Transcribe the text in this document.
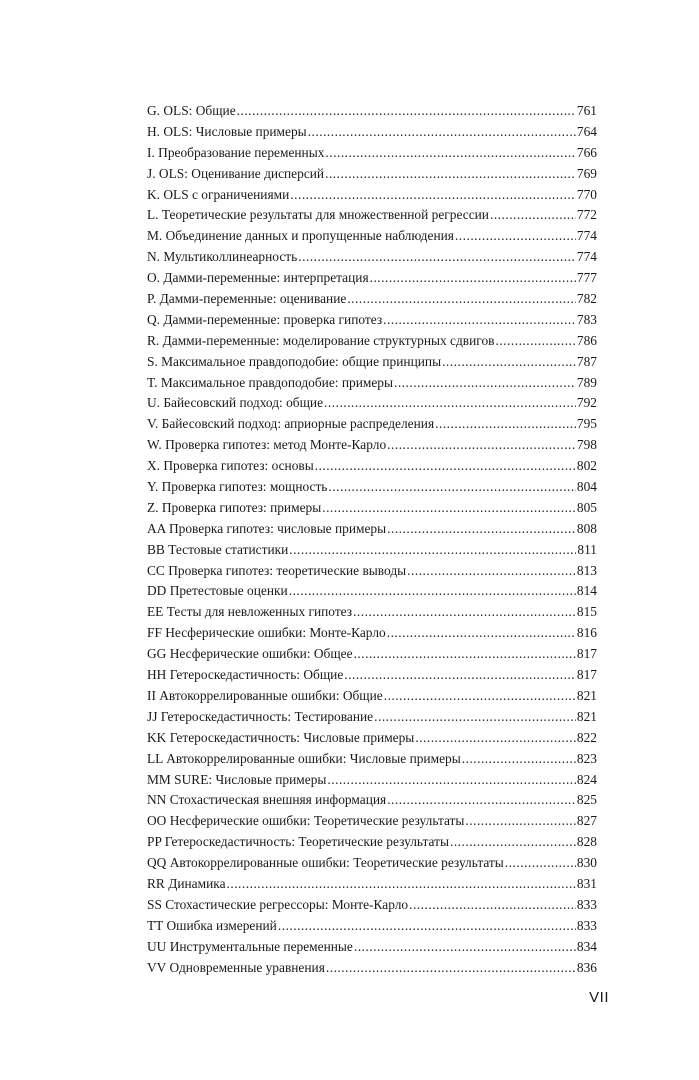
G. OLS: Общие .....	761
H. OLS: Числовые примеры .....	764
I. Преобразование переменных .....	766
J. OLS: Оценивание дисперсий .....	769
K. OLS с ограничениями .....	770
L. Теоретические результаты для множественной регрессии .....	772
M. Объединение данных и пропущенные наблюдения .....	774
N. Мультиколлинеарность .....	774
O. Дамми-переменные: интерпретация .....	777
P. Дамми-переменные: оценивание .....	782
Q. Дамми-переменные: проверка гипотез .....	783
R. Дамми-переменные: моделирование структурных сдвигов .....	786
S. Максимальное правдоподобие: общие принципы .....	787
T. Максимальное правдоподобие: примеры .....	789
U. Байесовский подход: общие .....	792
V. Байесовский подход: априорные распределения .....	795
W. Проверка гипотез: метод Монте-Карло .....	798
X. Проверка гипотез: основы .....	802
Y. Проверка гипотез: мощность .....	804
Z. Проверка гипотез: примеры .....	805
AA Проверка гипотез: числовые примеры .....	808
BB Тестовые статистики .....	811
CC Проверка гипотез: теоретические выводы .....	813
DD Претестовые оценки .....	814
EE Тесты для невложенных гипотез .....	815
FF Несферические ошибки: Монте-Карло .....	816
GG Несферические ошибки: Общее .....	817
HH Гетероскедастичность: Общие .....	817
II Автокоррелированные ошибки: Общие .....	821
JJ Гетероскедастичность: Тестирование .....	821
KK Гетероскедастичность: Числовые примеры .....	822
LL Автокоррелированные ошибки: Числовые примеры .....	823
MM SURE: Числовые примеры .....	824
NN Стохастическая внешняя информация .....	825
OO Несферические ошибки: Теоретические результаты .....	827
PP Гетероскедастичность: Теоретические результаты .....	828
QQ Автокоррелированные ошибки: Теоретические результаты .....	830
RR Динамика .....	831
SS Стохастические регрессоры: Монте-Карло .....	833
TT Ошибка измерений .....	833
UU Инструментальные переменные .....	834
VV Одновременные уравнения .....	836
VII
